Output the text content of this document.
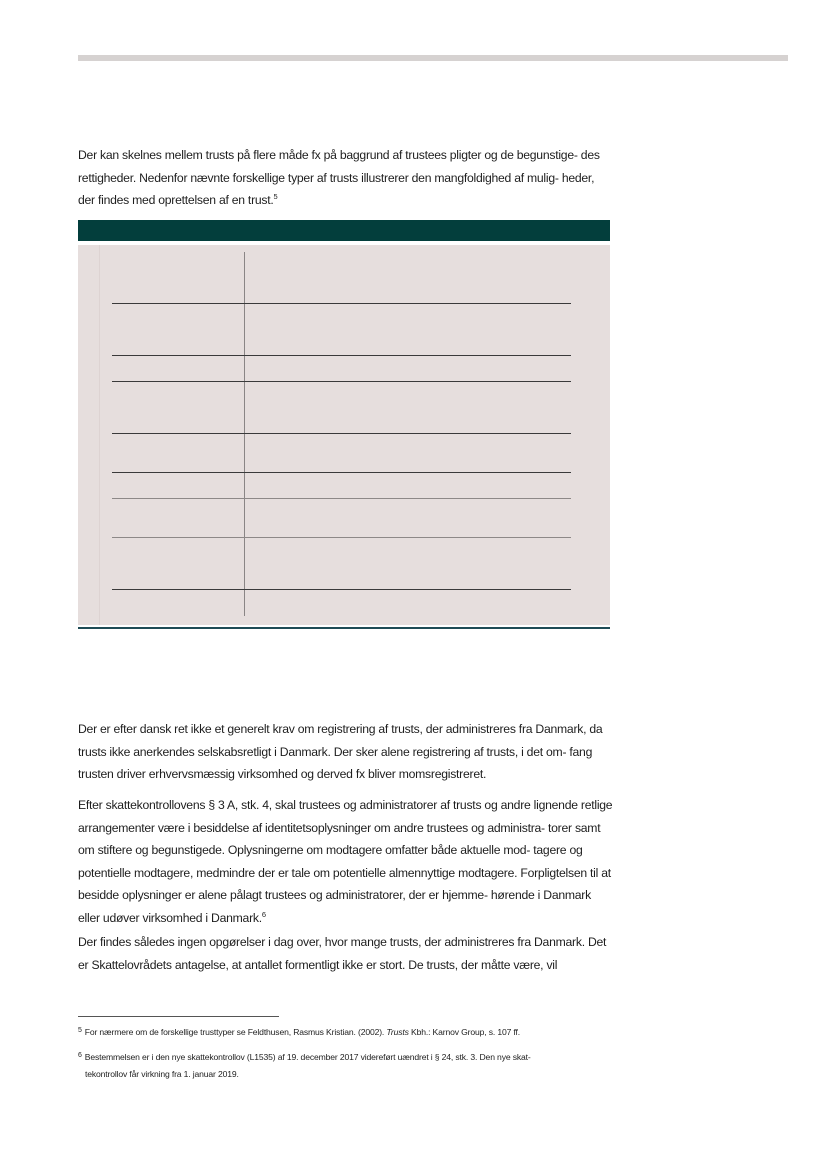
Der kan skelnes mellem trusts på flere måde fx på baggrund af trustees pligter og de begunstige- des rettigheder. Nedenfor nævnte forskellige typer af trusts illustrerer den mangfoldighed af mulig- heder, der findes med oprettelsen af en trust.$^5$

Der er efter dansk ret ikke et generelt krav om registrering af trusts, der administreres fra Danmark, da trusts ikke anerkendes selskabsretligt i Danmark. Der sker alene registrering af trusts, i det om- fang trusten driver erhvervsmæssig virksomhed og derved fx bliver momsregistreret.

Efter skattekontrollovens § 3 A, stk. 4, skal trustees og administratorer af trusts og andre lignende retlige arrangementer være i besiddelse af identitetsoplysninger om andre trustees og administra- torer samt om stiftere og begunstigede. Oplysningerne om modtagere omfatter både aktuelle mod- tagere og potentielle modtagere, medmindre der er tale om potentielle almennyttige modtagere. Forpligtelsen til at besidde oplysninger er alene pålagt trustees og administratorer, der er hjemme- hørende i Danmark eller udøver virksomhed i Danmark.$^6$

Der findes således ingen opgørelser i dag over, hvor mange trusts, der administreres fra Danmark. Det er Skattelovrådets antagelse, at antallet formentligt ikke er stort. De trusts, der måtte være, vil

$^5$ For nærmere om de forskellige trusttyper se Feldthusen, Rasmus Kristian. (2002). Trusts Kbh.: Karnov Group, s. 107 ff.

$^6$ Bestemmelsen er i den nye skattekontrollov (L1535) af 19. december 2017 videreført uændret i § 24, stk. 3. Den nye skat-
tekontrollov får virkning fra 1. januar 2019.
